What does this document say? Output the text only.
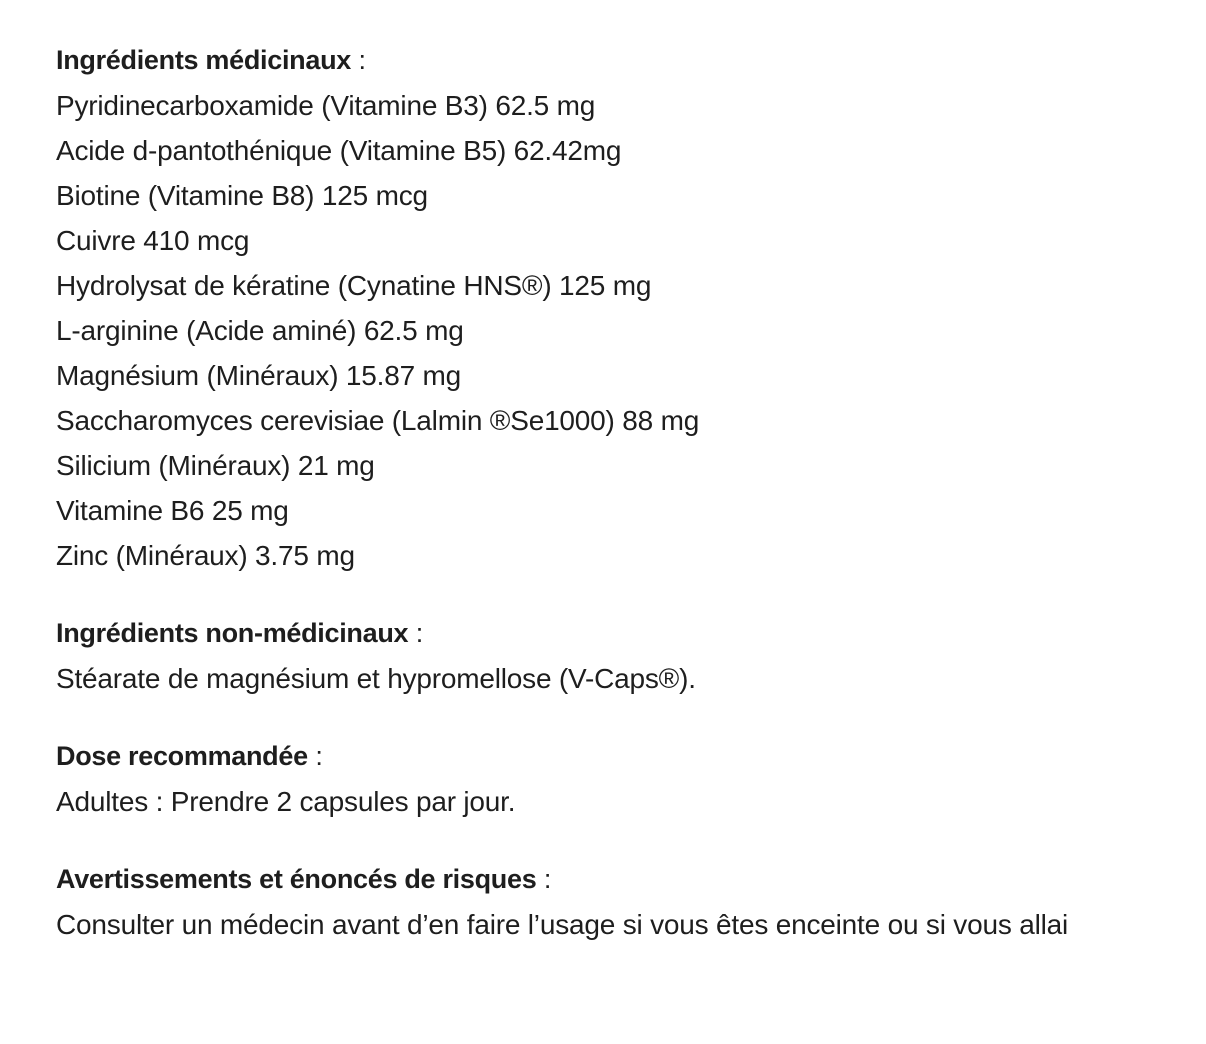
Ingrédients médicinaux :
Pyridinecarboxamide (Vitamine B3) 62.5 mg
Acide d-pantothénique (Vitamine B5) 62.42mg
Biotine (Vitamine B8) 125 mcg
Cuivre 410 mcg
Hydrolysat de kératine (Cynatine HNS®) 125 mg
L-arginine (Acide aminé) 62.5 mg
Magnésium (Minéraux) 15.87 mg
Saccharomyces cerevisiae (Lalmin ®Se1000) 88 mg
Silicium (Minéraux) 21 mg
Vitamine B6 25 mg
Zinc (Minéraux) 3.75 mg
Ingrédients non-médicinaux :
Stéarate de magnésium et hypromellose (V-Caps®).
Dose recommandée :
Adultes : Prendre 2 capsules par jour.
Avertissements et énoncés de risques :
Consulter un médecin avant d’en faire l’usage si vous êtes enceinte ou si vous allai
